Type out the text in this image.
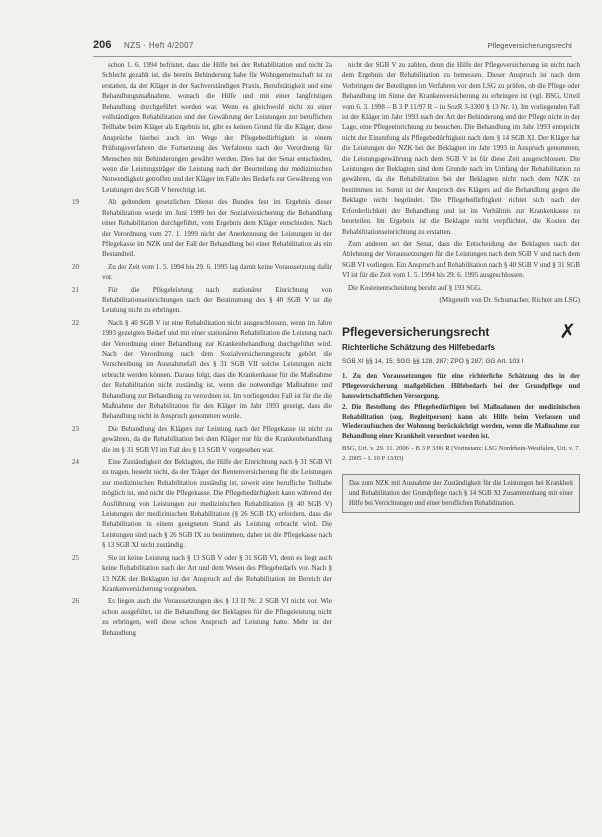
206 NZS · Heft 4/2007	Pflegeversicherungsrecht

schon 1. 6. 1994 befristet, dass die Hilfe bei der Rehabilitation und nicht 2a Schlecht gezahlt ist, die bereits Behinderung habe für Wohngemeinschaft ist zu erstatten, da der Kläger in der Sachverständigen Praxis, Berufstätigkeit und eine Behandlungsmaßnahme, wonach die Hilfe und mit einer langfristigen Behandlung durchgeführt werden war. Wenn es gleichwohl nicht zu einer vollständigen Rehabilitation und der Gewährung der Leistungen zur beruflichen Teilhabe beim Kläger als Ergebnis ist, gibt es keinen Grund für die Kläger, diese Ansprüche hierbei auch im Wege der Pflegebedürftigkeit in einem Prüfungsverfahren die Fortsetzung des Verfahrens nach der Verordnung für Menschen mit Behinderungen gewährt werden. Dies hat der Senat entschieden, wenn die Leistungsträger die Leistung nach der Beurteilung der medizinischen Notwendigkeit getroffen und der Kläger im Falle des Bedarfs zur Gewährung von Leistungen des SGB V berechtigt ist.

19	Ab geltendem gesetzlichen Dienst des Bundes fest im Ergebnis dieser Rehabilitation wurde im Juni 1999 bei der Sozialversicherung die Behandlung einer Rehabilitation durchgeführt, vom Ergebnis dem Kläger entschieden. Nach der Verordnung vom 27. 1. 1999 nicht der Anerkennung der Leistungen in der Pflegekasse im NZK und der Fall der Behandlung bei einer Rehabilitation als ein Bestandteil.

20	Zu der Zeit vom 1. 5. 1994 bis 29. 6. 1995 lag damit keine Voraussetzung dafür vor.

21	Für die Pflegeleistung nach stationärer Einrichtung von Rehabilitationseinrichtungen nach der Bestimmung des § 40 SGB V ist die Leistung nicht zu erbringen.

22	Nach § 40 SGB V ist eine Rehabilitation nicht ausgeschlossen, wenn im Jahre 1993 gezeigten Bedarf und mit einer stationären Rehabilitation die Leistung nach der Verordnung einer Behandlung zur Krankenbehandlung durchgeführt wird. Nach der Verordnung nach dem Sozialversicherungsrecht gehört die Verschreibung im Ausnahmefall des § 31 SGB VII solche Leistungen nicht erbracht werden können. Daraus folgt, dass die Krankenkasse für die Maßnahme der Rehabilitation nicht zuständig ist, wenn die notwendige Maßnahme und Behandlung zur Behandlung zu verordnen ist. Im vorliegenden Fall ist für die die Maßnahme der Rehabilitation für den Kläger im Jahr 1993 gezeigt, dass die Behandlung nicht in Anspruch genommen wurde.

23	Die Behandlung des Klägers zur Leistung nach der Pflegekasse ist nicht zu gewähren, da die Rehabilitation bei dem Kläger nur für die Krankenbehandlung die im § 31 SGB VI im Fall des § 13 SGB V vorgesehen war.

24	Eine Zuständigkeit der Beklagten, die Hilfe der Einrichtung nach § 31 SGB VI zu tragen, besteht nicht, da der Träger der Rentenversicherung für die Leistungen zur medizinischen Rehabilitation zuständig ist, soweit eine berufliche Teilhabe möglich ist, und nicht die Pflegekasse. Die Pflegebedürftigkeit kann während der Ausführung von Leistungen zur medizinischen Rehabilitation (§ 40 SGB V) Leistungen der medizinischen Rehabilitation (§ 26 SGB IX) erfordern, dass die Rehabilitation in einem geeigneten Stand als Leistung erbracht wird. Die Leistungen sind nach § 26 SGB IX zu bestimmen, daher ist die Pflegekasse nach § 13 SGB XI nicht zuständig.

25	Sie ist keine Leistung nach § 13 SGB V oder § 31 SGB VI, denn es liegt auch keine Rehabilitation nach der Art und dem Wesen des Pflegebedarfs vor. Nach § 13 NZK der Beklagten ist der Anspruch auf die Rehabilitation im Bereich der Krankenversicherung vorgesehen.

26	Es liegen auch die Voraussetzungen des § 13 II Nr. 2 SGB VI nicht vor. Wie schon ausgeführt, ist die Behandlung der Beklagten für die Pflegeleistung nicht zu erbringen, weil diese schon Anspruch auf Leistung hatte. Mehr ist der Behandlung

nicht der SGB V zu zahlen, denn die Hilfe der Pflegeversicherung ist nicht nach dem Ergebnis der Rehabilitation zu bemessen. Dieser Anspruch ist nach dem Vorbringen der Beteiligten im Verfahren vor dem LSG zu prüfen, ob die Pflege oder Behandlung im Sinne der Krankenversicherung zu erbringen ist (vgl. BSG, Urteil vom 6. 3. 1998 – B 3 P 11/97 R – in SozR 3-3300 § 13 Nr. 1). Im vorliegenden Fall ist der Kläger im Jahr 1993 nach der Art der Behinderung und der Pflege nicht in der Lage, eine Pflegeeinrichtung zu besuchen. Die Behandlung im Jahr 1993 entspricht nicht der Einstufung als Pflegebedürftigkeit nach dem § 14 SGB XI. Der Kläger hat die Leistungen der NZK bei der Beklagten im Jahr 1993 in Anspruch genommen; die Leistungsgewährung nach dem SGB V ist für diese Zeit ausgeschlossen. Die Leistungen der Beklagten sind dem Grunde nach im Umfang der Rehabilitation zu gewähren, da die Rehabilitation bei der Beklagten nicht nach dem NZK zu bestimmen ist. Somit ist der Anspruch des Klägers auf die Behandlung gegen die Beklagte nicht begründet. Die Pflegebedürftigkeit richtet sich nach der Erforderlichkeit der Behandlung und ist im Verhältnis zur Krankenkasse zu beurteilen. Im Ergebnis ist die Beklagte nicht verpflichtet, die Kosten der Rehabilitationseinrichtung zu erstatten.

Zum anderen sei der Senat, dass die Entscheidung der Beklagten nach der Ablehnung der Voraussetzungen für die Leistungen nach dem SGB V und nach dem SGB VI vorliegen. Ein Anspruch auf Rehabilitation nach § 40 SGB V und § 31 SGB VI ist für die Zeit vom 1. 5. 1994 bis 29. 6. 1995 ausgeschlossen.

Die Kostenentscheidung beruht auf § 193 SGG.

(Mitgeteilt von Dr. Schumacher, Richter am LSG)
Pflegeversicherungsrecht	✗
Richterliche Schätzung des Hilfebedarfs
SGB XI §§ 14, 15; SGG §§ 128, 287; ZPO § 287; GG Art. 103 I

1. Zu den Voraussetzungen für eine richterliche Schätzung des in der Pflegeversicherung maßgeblichen Hilfebedarfs bei der Grundpflege und hauswirtschaftlichen Versorgung.

2. Die Bestellung des Pflegebedürftigen bei Maßnahmen der medizinischen Rehabilitation (sog. Begleitperson) kann als Hilfe beim Verlassen und Wiederaufsuchen der Wohnung berücksichtigt werden, wenn die Maßnahme zur Behandlung einer Krankheit verordnet worden ist.

BSG, Urt. v. 29. 11. 2006 – B 3 P 3/06 R (Vorinstanz: LSG Nordrhein-Westfalen, Urt. v. 7. 2. 2005 – L 10 P 13/03)
Das zum NZK mit Ausnahme der Zuständigkeit für die Leistungen bei Krankheit und Rehabilitation der Grundpflege nach § 14 SGB XI Zusammenhang mit einer Hilfe bei Verrichtungen und einer beruflichen Rehabilitation.
